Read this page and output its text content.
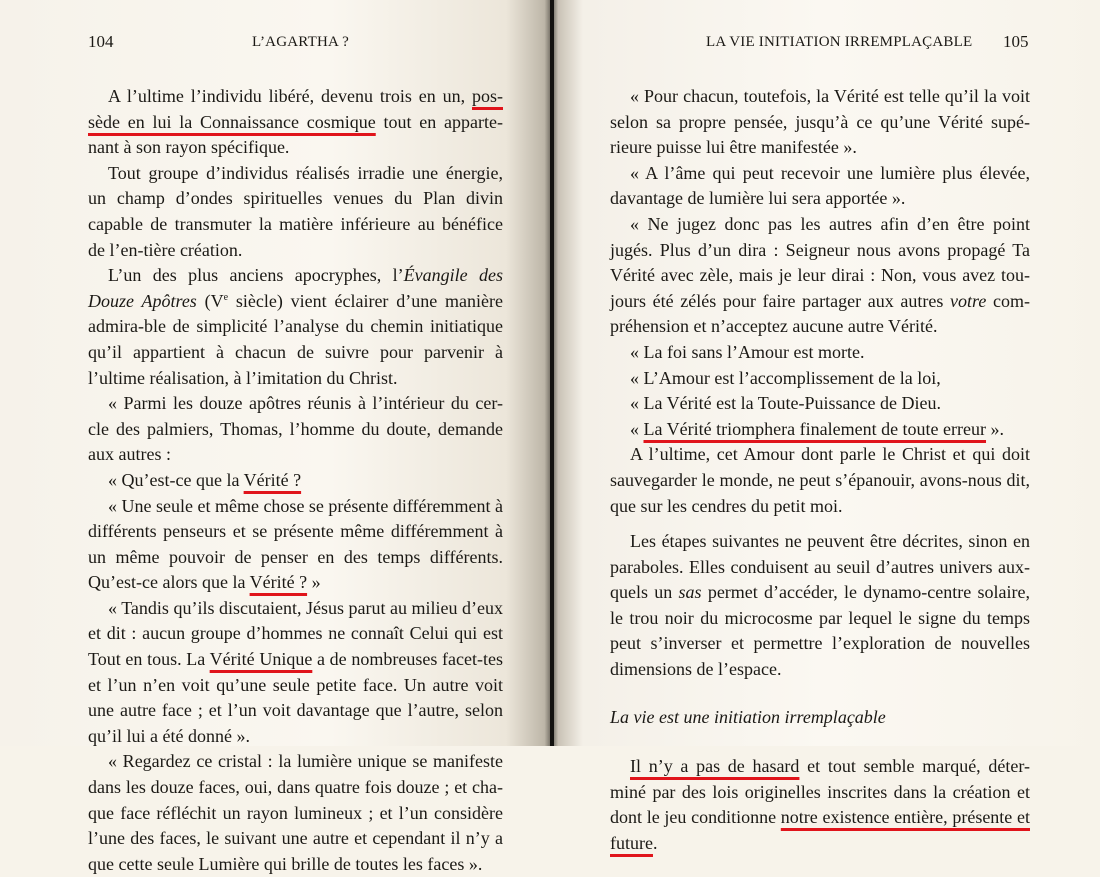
104	L’AGARTHA ?

A l’ultime l’individu libéré, devenu trois en un, pos-sède en lui la Connaissance cosmique tout en apparte-nant à son rayon spécifique.

Tout groupe d’individus réalisés irradie une énergie, un champ d’ondes spirituelles venues du Plan divin capable de transmuter la matière inférieure au bénéfice de l’en-tière création.

L’un des plus anciens apocryphes, l’Évangile des Douze Apôtres (Ve siècle) vient éclairer d’une manière admira-ble de simplicité l’analyse du chemin initiatique qu’il appartient à chacun de suivre pour parvenir à l’ultime réalisation, à l’imitation du Christ.

« Parmi les douze apôtres réunis à l’intérieur du cer-cle des palmiers, Thomas, l’homme du doute, demande aux autres :

« Qu’est-ce que la Vérité ?

« Une seule et même chose se présente différemment à différents penseurs et se présente même différemment à un même pouvoir de penser en des temps différents. Qu’est-ce alors que la Vérité ? »

« Tandis qu’ils discutaient, Jésus parut au milieu d’eux et dit : aucun groupe d’hommes ne connaît Celui qui est Tout en tous. La Vérité Unique a de nombreuses facet-tes et l’un n’en voit qu’une seule petite face. Un autre voit une autre face ; et l’un voit davantage que l’autre, selon qu’il lui a été donné ».

« Regardez ce cristal : la lumière unique se manifeste dans les douze faces, oui, dans quatre fois douze ; et cha-que face réfléchit un rayon lumineux ; et l’un considère l’une des faces, le suivant une autre et cependant il n’y a que cette seule Lumière qui brille de toutes les faces ».

LA VIE INITIATION IRREMPLAÇABLE 105

« Pour chacun, toutefois, la Vérité est telle qu’il la voit selon sa propre pensée, jusqu’à ce qu’une Vérité supé-rieure puisse lui être manifestée ».

« A l’âme qui peut recevoir une lumière plus élevée, davantage de lumière lui sera apportée ».

« Ne jugez donc pas les autres afin d’en être point jugés. Plus d’un dira : Seigneur nous avons propagé Ta Vérité avec zèle, mais je leur dirai : Non, vous avez tou-jours été zélés pour faire partager aux autres votre com-préhension et n’acceptez aucune autre Vérité.

« La foi sans l’Amour est morte.

« L’Amour est l’accomplissement de la loi,

« La Vérité est la Toute-Puissance de Dieu.

« La Vérité triomphera finalement de toute erreur ».

A l’ultime, cet Amour dont parle le Christ et qui doit sauvegarder le monde, ne peut s’épanouir, avons-nous dit, que sur les cendres du petit moi.

Les étapes suivantes ne peuvent être décrites, sinon en paraboles. Elles conduisent au seuil d’autres univers aux-quels un sas permet d’accéder, le dynamo-centre solaire, le trou noir du microcosme par lequel le signe du temps peut s’inverser et permettre l’exploration de nouvelles dimensions de l’espace.

La vie est une initiation irremplaçable

Il n’y a pas de hasard et tout semble marqué, déter-miné par des lois originelles inscrites dans la création et dont le jeu conditionne notre existence entière, présente et future.
